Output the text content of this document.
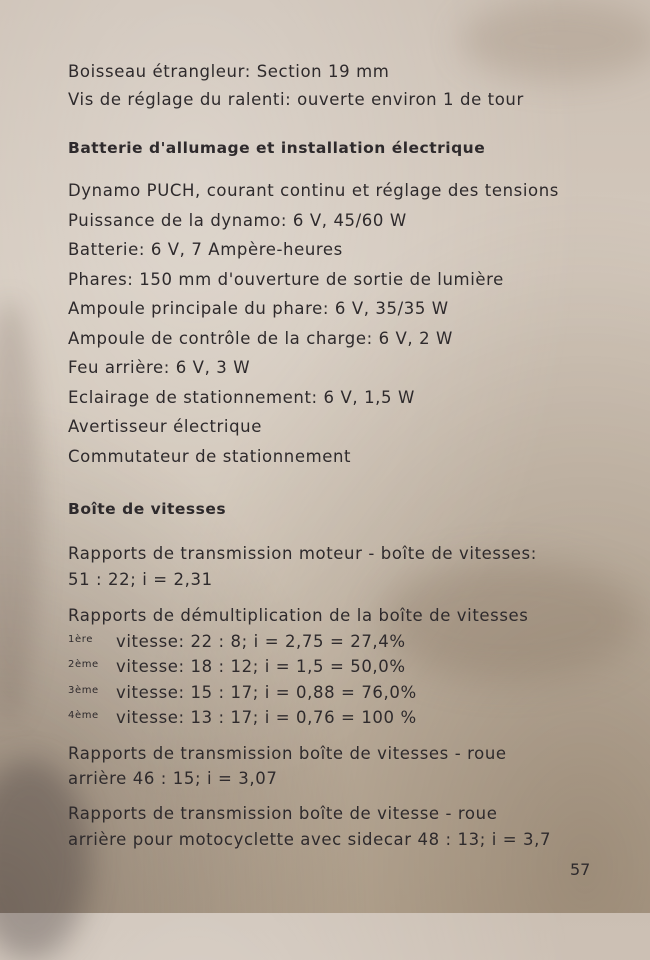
Boisseau étrangleur: Section 19 mm
Vis de réglage du ralenti: ouverte environ 1 de tour
Batterie d'allumage et installation électrique
Dynamo PUCH, courant continu et réglage des tensions
Puissance de la dynamo: 6 V, 45/60 W
Batterie: 6 V, 7 Ampère-heures
Phares: 150 mm d'ouverture de sortie de lumière
Ampoule principale du phare: 6 V, 35/35 W
Ampoule de contrôle de la charge: 6 V, 2 W
Feu arrière: 6 V, 3 W
Eclairage de stationnement: 6 V, 1,5 W
Avertisseur électrique
Commutateur de stationnement
Boîte de vitesses
Rapports de transmission moteur - boîte de vitesses:
51 : 22; i = 2,31
Rapports de démultiplication de la boîte de vitesses
1ère	vitesse: 22 : 8; i = 2,75 = 27,4%
2ème	vitesse: 18 : 12; i = 1,5 = 50,0%
3ème	vitesse: 15 : 17; i = 0,88 = 76,0%
4ème	vitesse: 13 : 17; i = 0,76 = 100 %
Rapports de transmission boîte de vitesses - roue
arrière 46 : 15; i = 3,07
Rapports de transmission boîte de vitesse - roue
arrière pour motocyclette avec sidecar 48 : 13; i = 3,7
57
